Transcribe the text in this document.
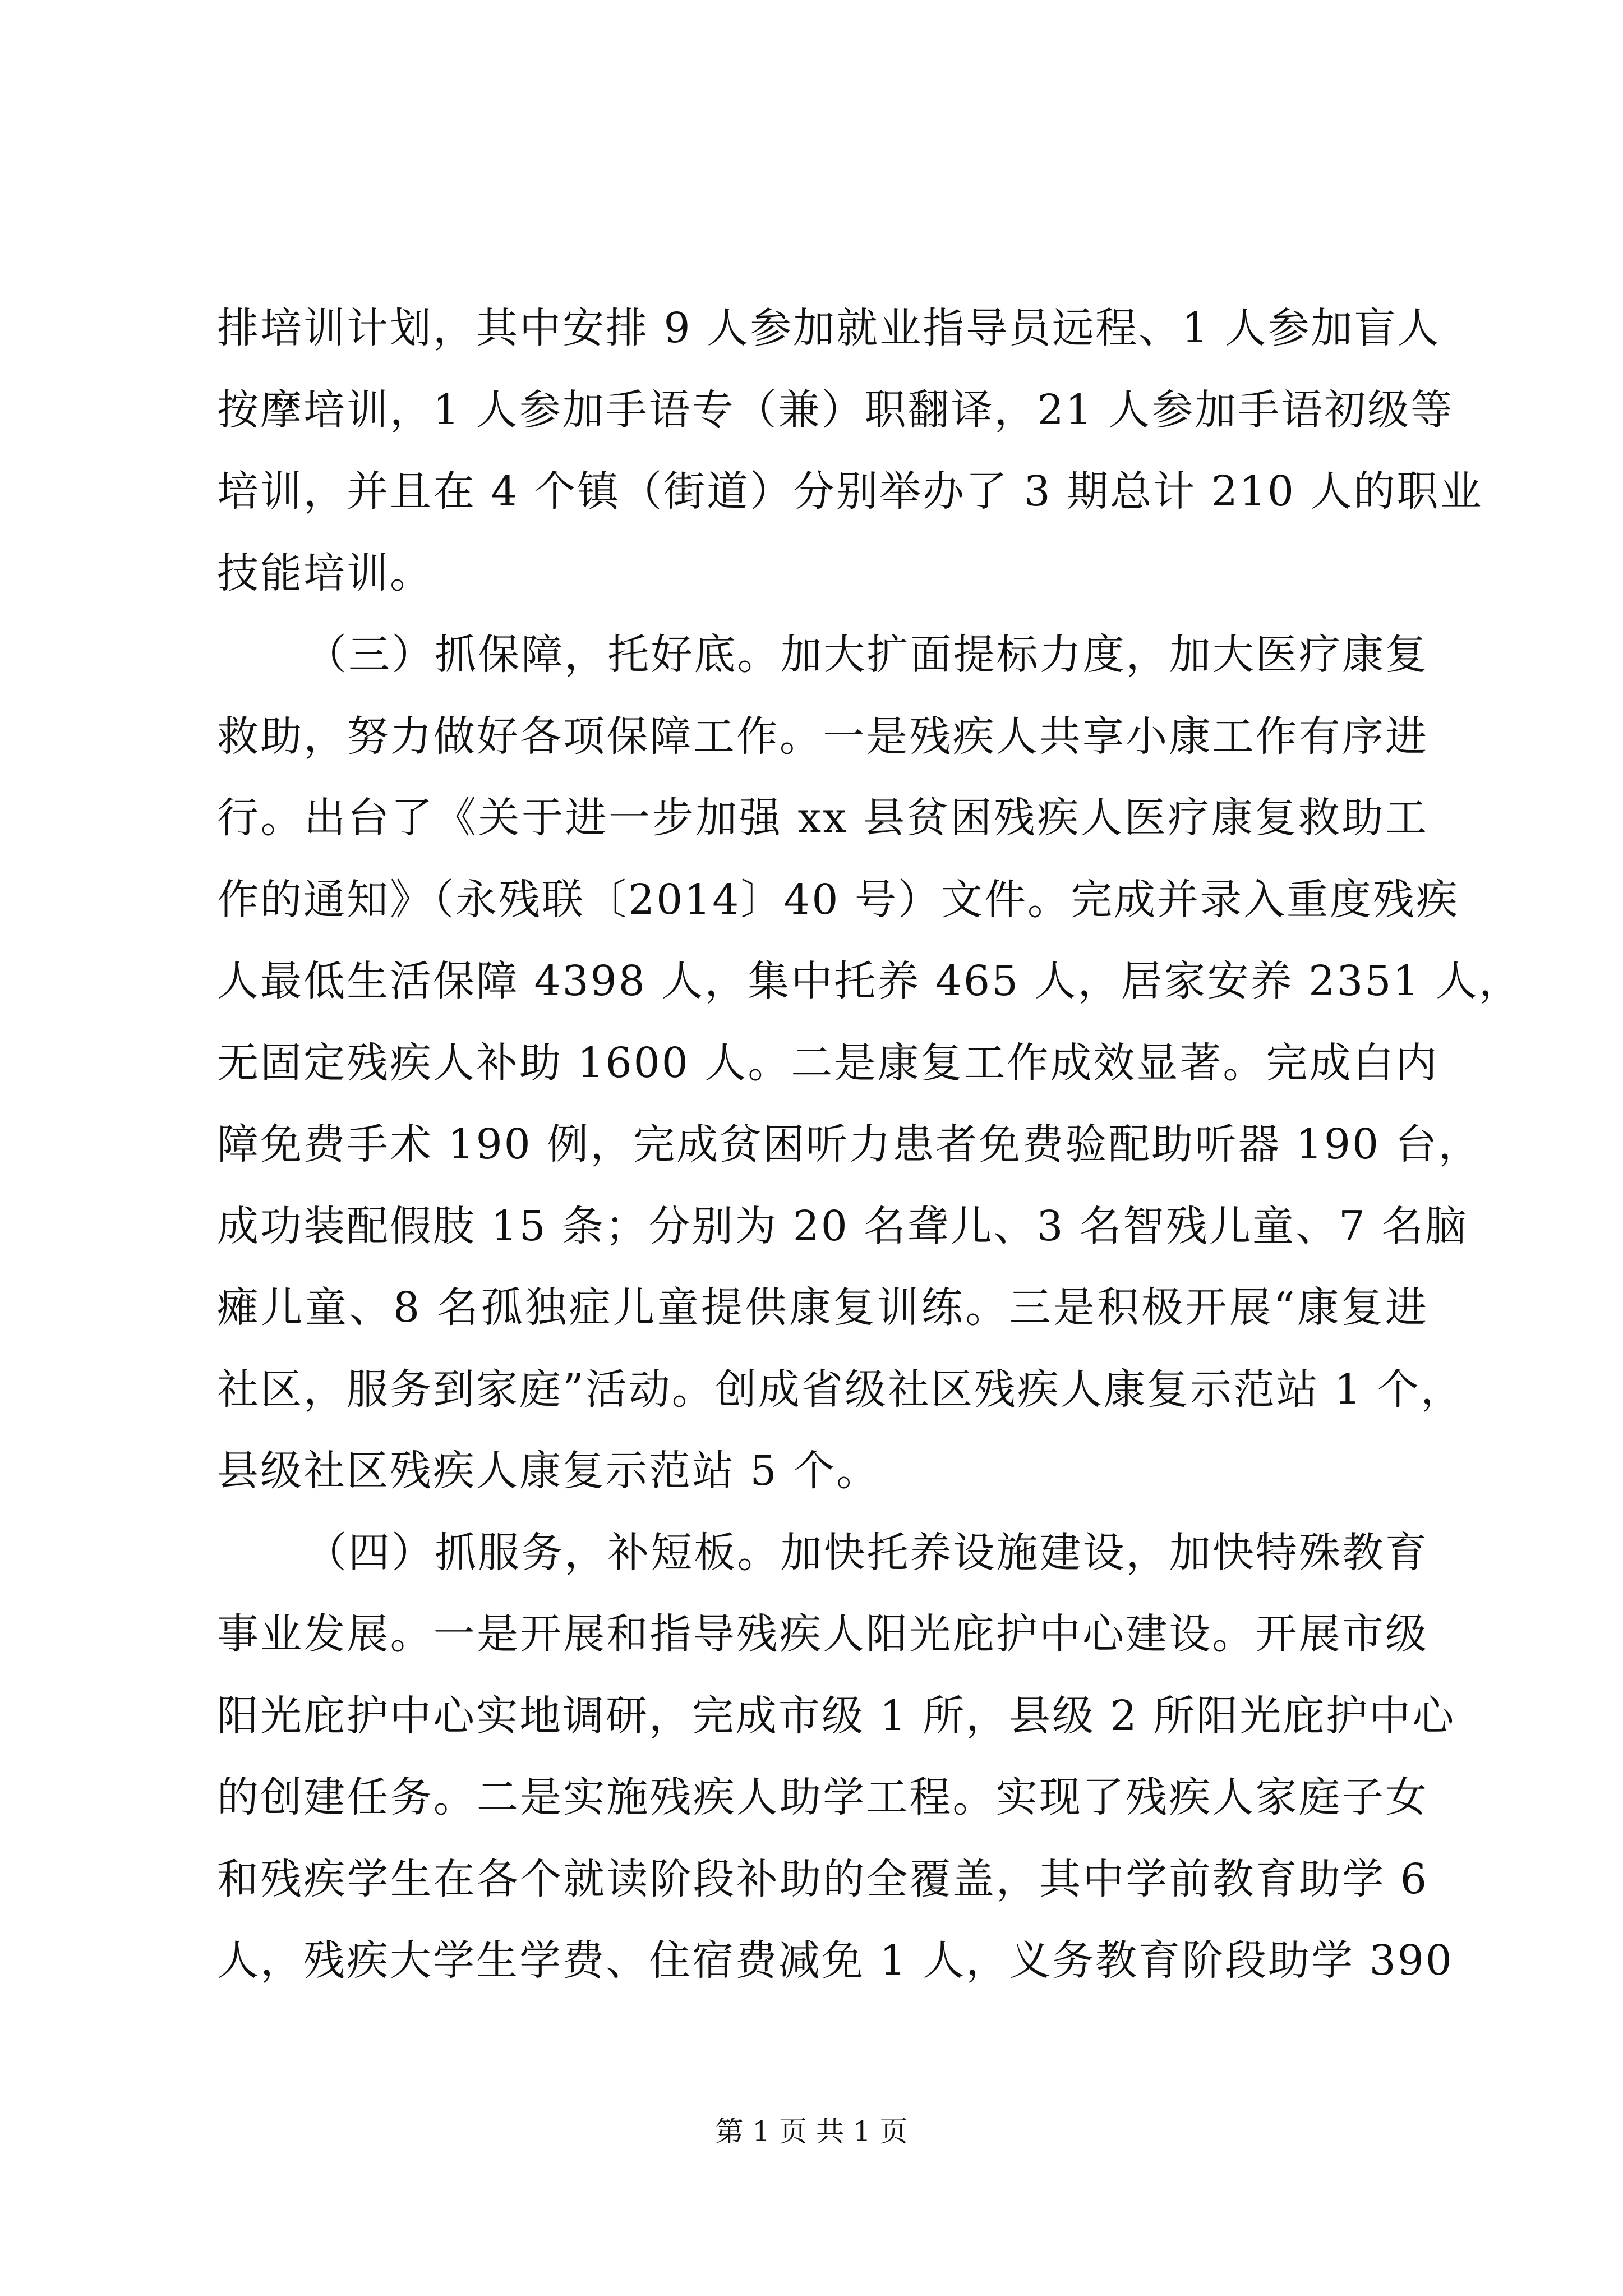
排培训计划，其中安排 9 人参加就业指导员远程、1 人参加盲人
按摩培训，1 人参加手语专（兼）职翻译，21 人参加手语初级等
培训，并且在 4 个镇（街道）分别举办了 3 期总计 210 人的职业
技能培训。
（三）抓保障，托好底。加大扩面提标力度，加大医疗康复
救助，努力做好各项保障工作。一是残疾人共享小康工作有序进
行。出台了《关于进一步加强 xx 县贫困残疾人医疗康复救助工
作的通知》（永残联〔2014〕40 号）文件。完成并录入重度残疾
人最低生活保障 4398 人，集中托养 465 人，居家安养 2351 人，
无固定残疾人补助 1600 人。二是康复工作成效显著。完成白内
障免费手术 190 例，完成贫困听力患者免费验配助听器 190 台，
成功装配假肢 15 条；分别为 20 名聋儿、3 名智残儿童、7 名脑
瘫儿童、8 名孤独症儿童提供康复训练。三是积极开展“康复进
社区，服务到家庭”活动。创成省级社区残疾人康复示范站 1 个，
县级社区残疾人康复示范站 5 个。
（四）抓服务，补短板。加快托养设施建设，加快特殊教育
事业发展。一是开展和指导残疾人阳光庇护中心建设。开展市级
阳光庇护中心实地调研，完成市级 1 所，县级 2 所阳光庇护中心
的创建任务。二是实施残疾人助学工程。实现了残疾人家庭子女
和残疾学生在各个就读阶段补助的全覆盖，其中学前教育助学 6
人，残疾大学生学费、住宿费减免 1 人，义务教育阶段助学 390
第 1 页 共 1 页
